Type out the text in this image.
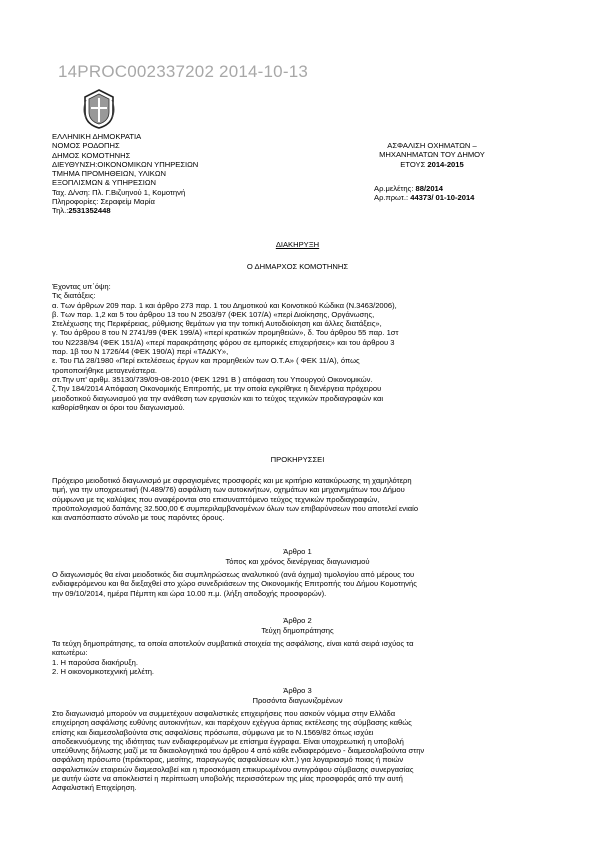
14PROC002337202 2014-10-13
ΕΛΛΗΝΙΚΗ ΔΗΜΟΚΡΑΤΙΑ
ΝΟΜΟΣ ΡΟΔΟΠΗΣ
ΔΗΜΟΣ ΚΟΜΟΤΗΝΗΣ
ΔΙΕΥΘΥΝΣΗ:ΟΙΚΟΝΟΜΙΚΩΝ ΥΠΗΡΕΣΙΩΝ
ΤΜΗΜΑ ΠΡΟΜΗΘΕΙΩΝ, ΥΛΙΚΩΝ
ΕΞΟΠΛΙΣΜΩΝ & ΥΠΗΡΕΣΙΩΝ
Ταχ. Δ/νση: Πλ. Γ.Βιζυηνού 1, Κομοτηνή
Πληροφορίες: Σεραφείμ Μαρία
Τηλ.:2531352448
ΑΣΦΑΛΙΣΗ ΟΧΗΜΑΤΩΝ –
ΜΗΧΑΝΗΜΑΤΩΝ ΤΟΥ ΔΗΜΟΥ
ΕΤΟΥΣ 2014-2015
Αρ.μελέτης: 88/2014
Αρ.πρωτ.: 44373/ 01-10-2014
ΔΙΑΚΗΡΥΞΗ
Ο ΔΗΜΑΡΧΟΣ ΚΟΜΟΤΗΝΗΣ
Έχοντας υπ΄όψη:
Τις διατάξεις:
α. Των άρθρων 209 παρ. 1 και άρθρο 273 παρ. 1 του Δημοτικού και Κοινοτικού Κώδικα (Ν.3463/2006),
β. Των παρ. 1,2 και 5 του άρθρου 13 του Ν 2503/97 (ΦΕΚ 107/Α) «περί Διοίκησης, Οργάνωσης,
Στελέχωσης της Περιφέρειας, ρύθμισης θεμάτων για την τοπική Αυτοδιοίκηση και άλλες διατάξεις»,
γ. Του άρθρου 8 του Ν 2741/99 (ΦΕΚ 199/Α) «περί κρατικών προμηθειών», δ. Του άρθρου 55 παρ. 1στ
του Ν2238/94 (ΦΕΚ 151/Α) «περί παρακράτησης φόρου σε εμπορικές επιχειρήσεις» και του άρθρου 3
παρ. 1β του Ν 1726/44 (ΦΕΚ 190/Α) περί «ΤΑΔΚΥ»,
ε. Του ΠΔ 28/1980 «Περί εκτελέσεως έργων και προμηθειών των Ο.Τ.Α» ( ΦΕΚ 11/Α), όπως
τροποποιήθηκε μεταγενέστερα.
στ.Την υπ' αριθμ. 35130/739/09-08-2010 (ΦΕΚ 1291 Β ) απόφαση του Υπουργού Οικονομικών.
ζ.Την 184/2014 Απόφαση Οικονομικής Επιτροπής, με την οποία εγκρίθηκε η διενέργεια πρόχειρου
μειοδοτικού διαγωνισμού για την ανάθεση των εργασιών και το τεύχος τεχνικών προδιαγραφών και
καθορίσθηκαν οι όροι του διαγωνισμού.
ΠΡΟΚΗΡΥΣΣΕΙ
Πρόχειρο μειοδοτικό διαγωνισμό με σφραγισμένες προσφορές και με κριτήριο κατακύρωσης τη χαμηλότερη
τιμή, για την υποχρεωτική (Ν.489/76) ασφάλιση των αυτοκινήτων, οχημάτων και μηχανημάτων του Δήμου
σύμφωνα με τις καλύψεις που αναφέρονται στο επισυναπτόμενο τεύχος τεχνικών προδιαγραφών,
προϋπολογισμού δαπάνης 32.500,00 € συμπεριλαμβανομένων όλων των επιβαρύνσεων που αποτελεί ενιαίο
και αναπόσπαστο σύνολο με τους παρόντες όρους.
Άρθρο 1
Τόπος και χρόνος διενέργειας διαγωνισμού
Ο διαγωνισμός θα είναι μειοδοτικός δια συμπληρώσεως αναλυτικού (ανά όχημα) τιμολογίου από μέρους του
ενδιαφερόμενου και θα διεξαχθεί στο χώρο συνεδριάσεων της Οικονομικής Επιτροπής του Δήμου Κομοτηνής
την 09/10/2014, ημέρα Πέμπτη και ώρα 10.00 π.μ. (λήξη αποδοχής προσφορών).
Άρθρο 2
Τεύχη δημοπράτησης
Τα τεύχη δημοπράτησης, τα οποία αποτελούν συμβατικά στοιχεία της ασφάλισης, είναι κατά σειρά ισχύος τα
κατωτέρω:
1. Η παρούσα διακήρυξη.
2. Η οικονομικοτεχνική μελέτη.
Άρθρο 3
Προσόντα διαγωνιζομένων
Στο διαγωνισμό μπορούν να συμμετέχουν ασφαλιστικές επιχειρήσεις που ασκούν νόμιμα στην Ελλάδα
επιχείρηση ασφάλισης ευθύνης αυτοκινήτων, και παρέχουν εχέγγυα άρτιας εκτέλεσης της σύμβασης καθώς
επίσης και διαμεσολαβούντα στις ασφαλίσεις πρόσωπα, σύμφωνα με το Ν.1569/82 όπως ισχύει
αποδεικνυόμενης της ιδιότητας των ενδιαφερομένων με επίσημα έγγραφα. Είναι υποχρεωτική η υποβολή
υπεύθυνης δήλωσης μαζί με τα δικαιολογητικά του άρθρου 4 από κάθε ενδιαφερόμενο - διαμεσολαβούντα στην
ασφάλιση πρόσωπο (πράκτορας, μεσίτης, παραγωγός ασφαλίσεων κλπ.) για λογαριασμό ποιας ή ποιών
ασφαλιστικών εταιρειών διαμεσολαβεί και η προσκόμιση επικυρωμένου αντιγράφου σύμβασης συνεργασίας
με αυτήν ώστε να αποκλειστεί η περίπτωση υποβολής περισσότερων της μίας προσφοράς από την αυτή
Ασφαλιστική Επιχείρηση.
